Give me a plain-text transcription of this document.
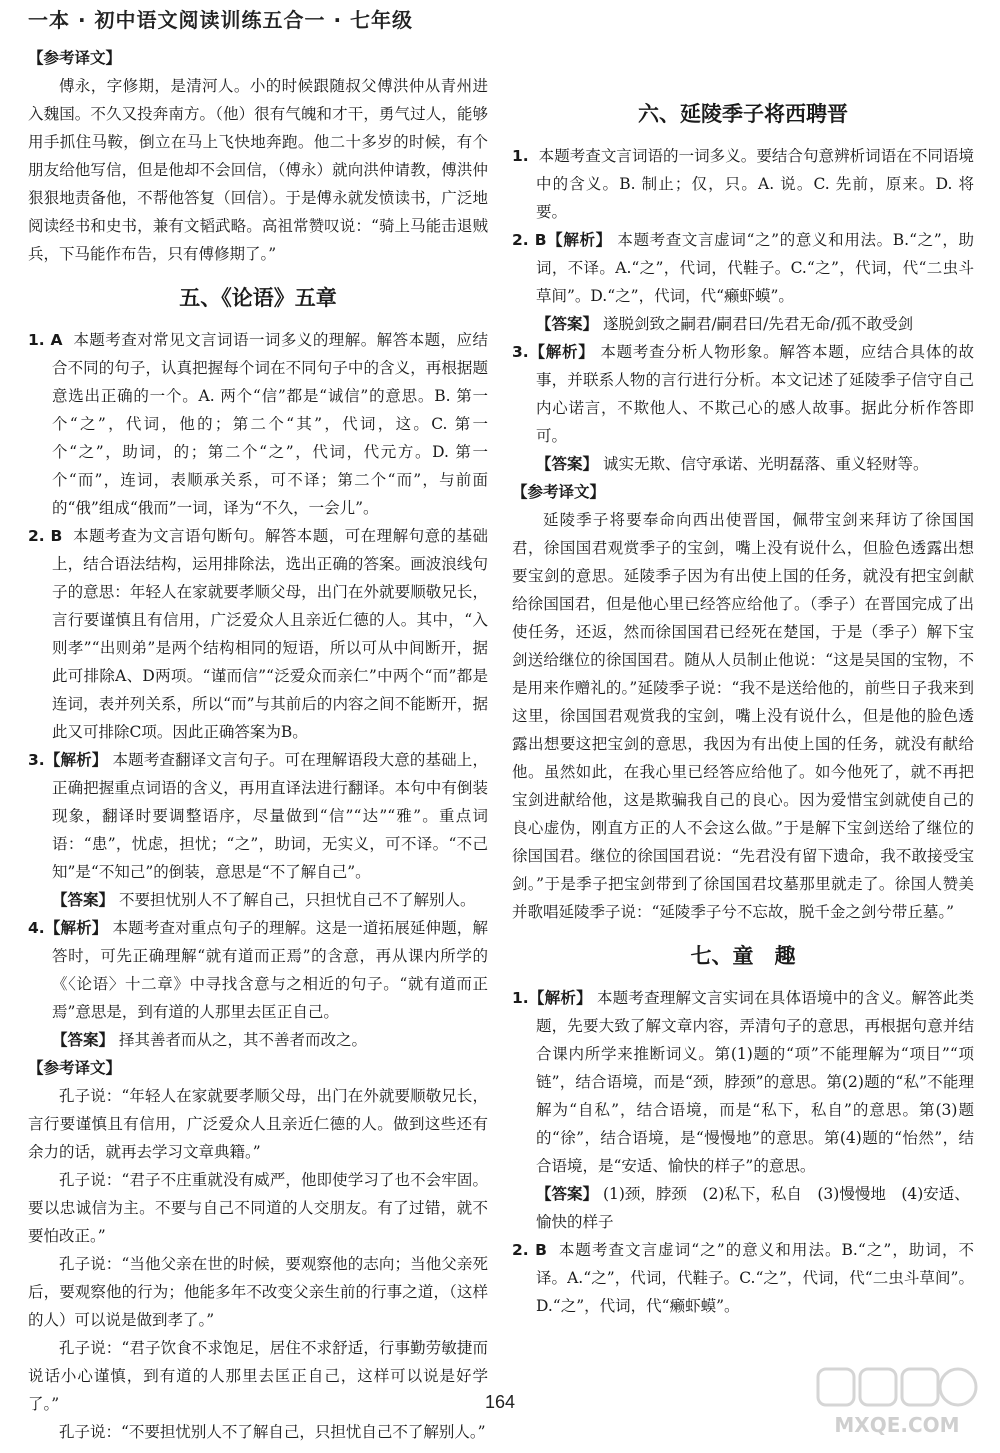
一本 · 初中语文阅读训练五合一 · 七年级
【参考译文】

傅永，字修期，是清河人。小的时候跟随叔父傅洪仲从青州进入魏国。不久又投奔南方。（他）很有气魄和才干，勇气过人，能够用手抓住马鞍，倒立在马上飞快地奔跑。他二十多岁的时候，有个朋友给他写信，但是他却不会回信，（傅永）就向洪仲请教，傅洪仲狠狠地责备他，不帮他答复（回信）。于是傅永就发愤读书，广泛地阅读经书和史书，兼有文韬武略。高祖常赞叹说：“骑上马能击退贼兵，下马能作布告，只有傅修期了。”

五、《论语》五章

1. A 本题考查对常见文言词语一词多义的理解。解答本题，应结合不同的句子，认真把握每个词在不同句子中的含义，再根据题意选出正确的一个。A. 两个“信”都是“诚信”的意思。B. 第一个“之”，代词，他的；第二个“其”，代词，这。C. 第一个“之”，助词，的；第二个“之”，代词，代元方。D. 第一个“而”，连词，表顺承关系，可不译；第二个“而”，与前面的“俄”组成“俄而”一词，译为“不久，一会儿”。

2. B 本题考查为文言语句断句。解答本题，可在理解句意的基础上，结合语法结构，运用排除法，选出正确的答案。画波浪线句子的意思：年轻人在家就要孝顺父母，出门在外就要顺敬兄长，言行要谨慎且有信用，广泛爱众人且亲近仁德的人。其中，“入则孝”“出则弟”是两个结构相同的短语，所以可从中间断开，据此可排除A、D两项。“谨而信”“泛爱众而亲仁”中两个“而”都是连词，表并列关系，所以“而”与其前后的内容之间不能断开，据此又可排除C项。因此正确答案为B。

3.【解析】 本题考查翻译文言句子。可在理解语段大意的基础上，正确把握重点词语的含义，再用直译法进行翻译。本句中有倒装现象，翻译时要调整语序，尽量做到“信”“达”“雅”。重点词语：“患”，忧虑，担忧；“之”，助词，无实义，可不译。“不己知”是“不知己”的倒装，意思是“不了解自己”。

【答案】 不要担忧别人不了解自己，只担忧自己不了解别人。

4.【解析】 本题考查对重点句子的理解。这是一道拓展延伸题，解答时，可先正确理解“就有道而正焉”的含意，再从课内所学的《〈论语〉十二章》中寻找含意与之相近的句子。“就有道而正焉”意思是，到有道的人那里去匡正自己。

【答案】 择其善者而从之，其不善者而改之。

【参考译文】

孔子说：“年轻人在家就要孝顺父母，出门在外就要顺敬兄长，言行要谨慎且有信用，广泛爱众人且亲近仁德的人。做到这些还有余力的话，就再去学习文章典籍。”

孔子说：“君子不庄重就没有威严，他即使学习了也不会牢固。要以忠诚信为主。不要与自己不同道的人交朋友。有了过错，就不要怕改正。”

孔子说：“当他父亲在世的时候，要观察他的志向；当他父亲死后，要观察他的行为；他能多年不改变父亲生前的行事之道，（这样的人）可以说是做到孝了。”

孔子说：“君子饮食不求饱足，居住不求舒适，行事勤劳敏捷而说话小心谨慎，到有道的人那里去匡正自己，这样可以说是好学了。”

孔子说：“不要担忧别人不了解自己，只担忧自己不了解别人。”

六、延陵季子将西聘晋

1. 本题考查文言词语的一词多义。要结合句意辨析词语在不同语境中的含义。B. 制止；仅，只。A. 说。C. 先前，原来。D. 将要。

2. B【解析】 本题考查文言虚词“之”的意义和用法。B.“之”，助词，不译。A.“之”，代词，代鞋子。C.“之”，代词，代“二虫斗草间”。D.“之”，代词，代“癞虾蟆”。

【答案】 遂脱剑致之嗣君/嗣君曰/先君无命/孤不敢受剑

3.【解析】 本题考查分析人物形象。解答本题，应结合具体的故事，并联系人物的言行进行分析。本文记述了延陵季子信守自己内心诺言，不欺他人、不欺己心的感人故事。据此分析作答即可。

【答案】 诚实无欺、信守承诺、光明磊落、重义轻财等。

【参考译文】

延陵季子将要奉命向西出使晋国，佩带宝剑来拜访了徐国国君，徐国国君观赏季子的宝剑，嘴上没有说什么，但脸色透露出想要宝剑的意思。延陵季子因为有出使上国的任务，就没有把宝剑献给徐国国君，但是他心里已经答应给他了。（季子）在晋国完成了出使任务，还返，然而徐国国君已经死在楚国，于是（季子）解下宝剑送给继位的徐国国君。随从人员制止他说：“这是吴国的宝物，不是用来作赠礼的。”延陵季子说：“我不是送给他的，前些日子我来到这里，徐国国君观赏我的宝剑，嘴上没有说什么，但是他的脸色透露出想要这把宝剑的意思，我因为有出使上国的任务，就没有献给他。虽然如此，在我心里已经答应给他了。如今他死了，就不再把宝剑进献给他，这是欺骗我自己的良心。因为爱惜宝剑就使自己的良心虚伪，刚直方正的人不会这么做。”于是解下宝剑送给了继位的徐国国君。继位的徐国国君说：“先君没有留下遗命，我不敢接受宝剑。”于是季子把宝剑带到了徐国国君坟墓那里就走了。徐国人赞美并歌唱延陵季子说：“延陵季子兮不忘故，脱千金之剑兮带丘墓。”

七、童　趣

1.【解析】 本题考查理解文言实词在具体语境中的含义。解答此类题，先要大致了解文章内容，弄清句子的意思，再根据句意并结合课内所学来推断词义。第(1)题的“项”不能理解为“项目”“项链”，结合语境，而是“颈，脖颈”的意思。第(2)题的“私”不能理解为“自私”，结合语境，而是“私下，私自”的意思。第(3)题的“徐”，结合语境，是“慢慢地”的意思。第(4)题的“怡然”，结合语境，是“安适、愉快的样子”的意思。

【答案】 (1)颈，脖颈　(2)私下，私自　(3)慢慢地　(4)安适、愉快的样子

2. B 本题考查文言虚词“之”的意义和用法。B.“之”，助词，不译。A.“之”，代词，代鞋子。C.“之”，代词，代“二虫斗草间”。D.“之”，代词，代“癞虾蟆”。

164
MXQE.COM
